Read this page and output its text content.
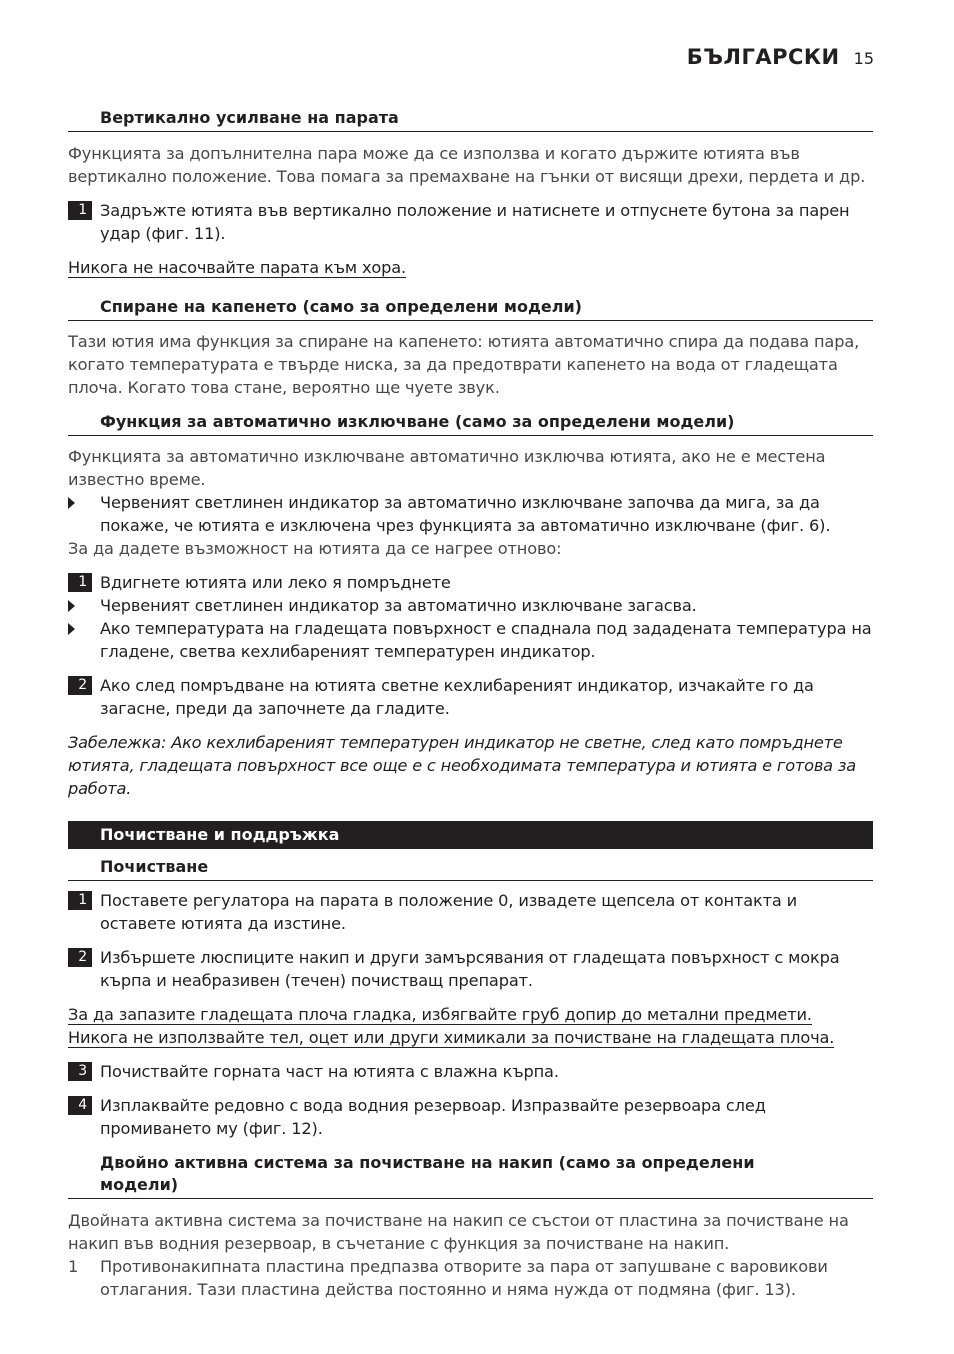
БЪЛГАРСКИ 15
Вертикално усилване на парата
Функцията за допълнителна пара може да се използва и когато държите ютията във вертикално положение. Това помага за премахване на гънки от висящи дрехи, пердета и др.
1 Задръжте ютията във вертикално положение и натиснете и отпуснете бутона за парен удар (фиг. 11).
Никога не насочвайте парата към хора.
Спиране на капенето (само за определени модели)
Тази ютия има функция за спиране на капенето: ютията автоматично спира да подава пара, когато температурата е твърде ниска, за да предотврати капенето на вода от гладещата плоча. Когато това стане, вероятно ще чуете звук.
Функция за автоматично изключване (само за определени модели)
Функцията за автоматично изключване автоматично изключва ютията, ако не е местена известно време.
Червеният светлинен индикатор за автоматично изключване започва да мига, за да покаже, че ютията е изключена чрез функцията за автоматично изключване (фиг. 6).
За да дадете възможност на ютията да се нагрее отново:
1 Вдигнете ютията или леко я помръднете
Червеният светлинен индикатор за автоматично изключване загасва.
Ако температурата на гладещата повърхност е спаднала под зададената температура на гладене, светва кехлибареният температурен индикатор.
2 Ако след помръдване на ютията светне кехлибареният индикатор, изчакайте го да загасне, преди да започнете да гладите.
Забележка: Ако кехлибареният температурен индикатор не светне, след като помръднете ютията, гладещата повърхност все още е с необходимата температура и ютията е готова за работа.
Почистване и поддръжка
Почистване
1 Поставете регулатора на парата в положение 0, извадете щепсела от контакта и оставете ютията да изстине.
2 Избършете люспиците накип и други замърсявания от гладещата повърхност с мокра кърпа и неабразивен (течен) почистващ препарат.
За да запазите гладещата плоча гладка, избягвайте груб допир до метални предмети.
Никога не използвайте тел, оцет или други химикали за почистване на гладещата плоча.
3 Почиствайте горната част на ютията с влажна кърпа.
4 Изплаквайте редовно с вода водния резервоар. Изпразвайте резервоара след промиването му (фиг. 12).
Двойно активна система за почистване на накип (само за определени модели)
Двойната активна система за почистване на накип се състои от пластина за почистване на накип във водния резервоар, в съчетание с функция за почистване на накип.
1 Противонакипната пластина предпазва отворите за пара от запушване с варовикови отлагания. Тази пластина действа постоянно и няма нужда от подмяна (фиг. 13).
